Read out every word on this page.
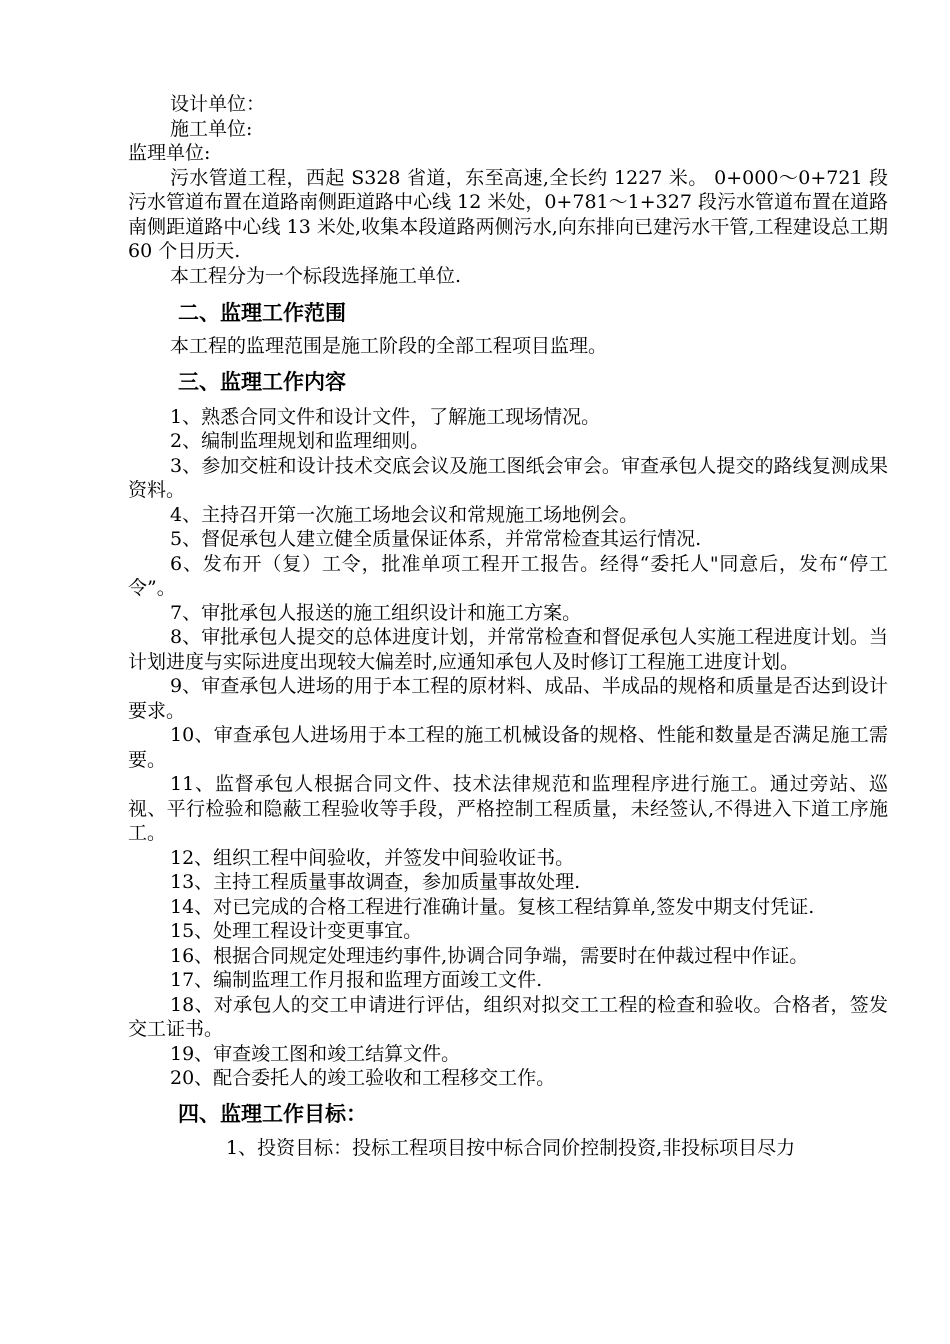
设计单位：

施工单位:

监理单位:

污水管道工程，西起 S328 省道，东至高速,全长约 1227 米。 0+000～0+721 段污水管道布置在道路南侧距道路中心线 12 米处，0+781～1+327 段污水管道布置在道路南侧距道路中心线 13 米处,收集本段道路两侧污水,向东排向已建污水干管,工程建设总工期 60 个日历天.

本工程分为一个标段选择施工单位.

二、监理工作范围

本工程的监理范围是施工阶段的全部工程项目监理。

三、监理工作内容

1、熟悉合同文件和设计文件，了解施工现场情况。

2、编制监理规划和监理细则。

3、参加交桩和设计技术交底会议及施工图纸会审会。审查承包人提交的路线复测成果资料。

4、主持召开第一次施工场地会议和常规施工场地例会。

5、督促承包人建立健全质量保证体系，并常常检查其运行情况.

6、发布开（复）工令，批准单项工程开工报告。经得“委托人"同意后，发布“停工令”。

7、审批承包人报送的施工组织设计和施工方案。

8、审批承包人提交的总体进度计划，并常常检查和督促承包人实施工程进度计划。当计划进度与实际进度出现较大偏差时,应通知承包人及时修订工程施工进度计划。

9、审查承包人进场的用于本工程的原材料、成品、半成品的规格和质量是否达到设计要求。

10、审查承包人进场用于本工程的施工机械设备的规格、性能和数量是否满足施工需要。

11、监督承包人根据合同文件、技术法律规范和监理程序进行施工。通过旁站、巡视、平行检验和隐蔽工程验收等手段，严格控制工程质量，未经签认,不得进入下道工序施工。

12、组织工程中间验收，并签发中间验收证书。

13、主持工程质量事故调查，参加质量事故处理.

14、对已完成的合格工程进行准确计量。复核工程结算单,签发中期支付凭证.

15、处理工程设计变更事宜。

16、根据合同规定处理违约事件,协调合同争端，需要时在仲裁过程中作证。

17、编制监理工作月报和监理方面竣工文件.

18、对承包人的交工申请进行评估，组织对拟交工工程的检查和验收。合格者，签发交工证书。

19、审查竣工图和竣工结算文件。

20、配合委托人的竣工验收和工程移交工作。

四、监理工作目标：

1、投资目标：投标工程项目按中标合同价控制投资,非投标项目尽力
